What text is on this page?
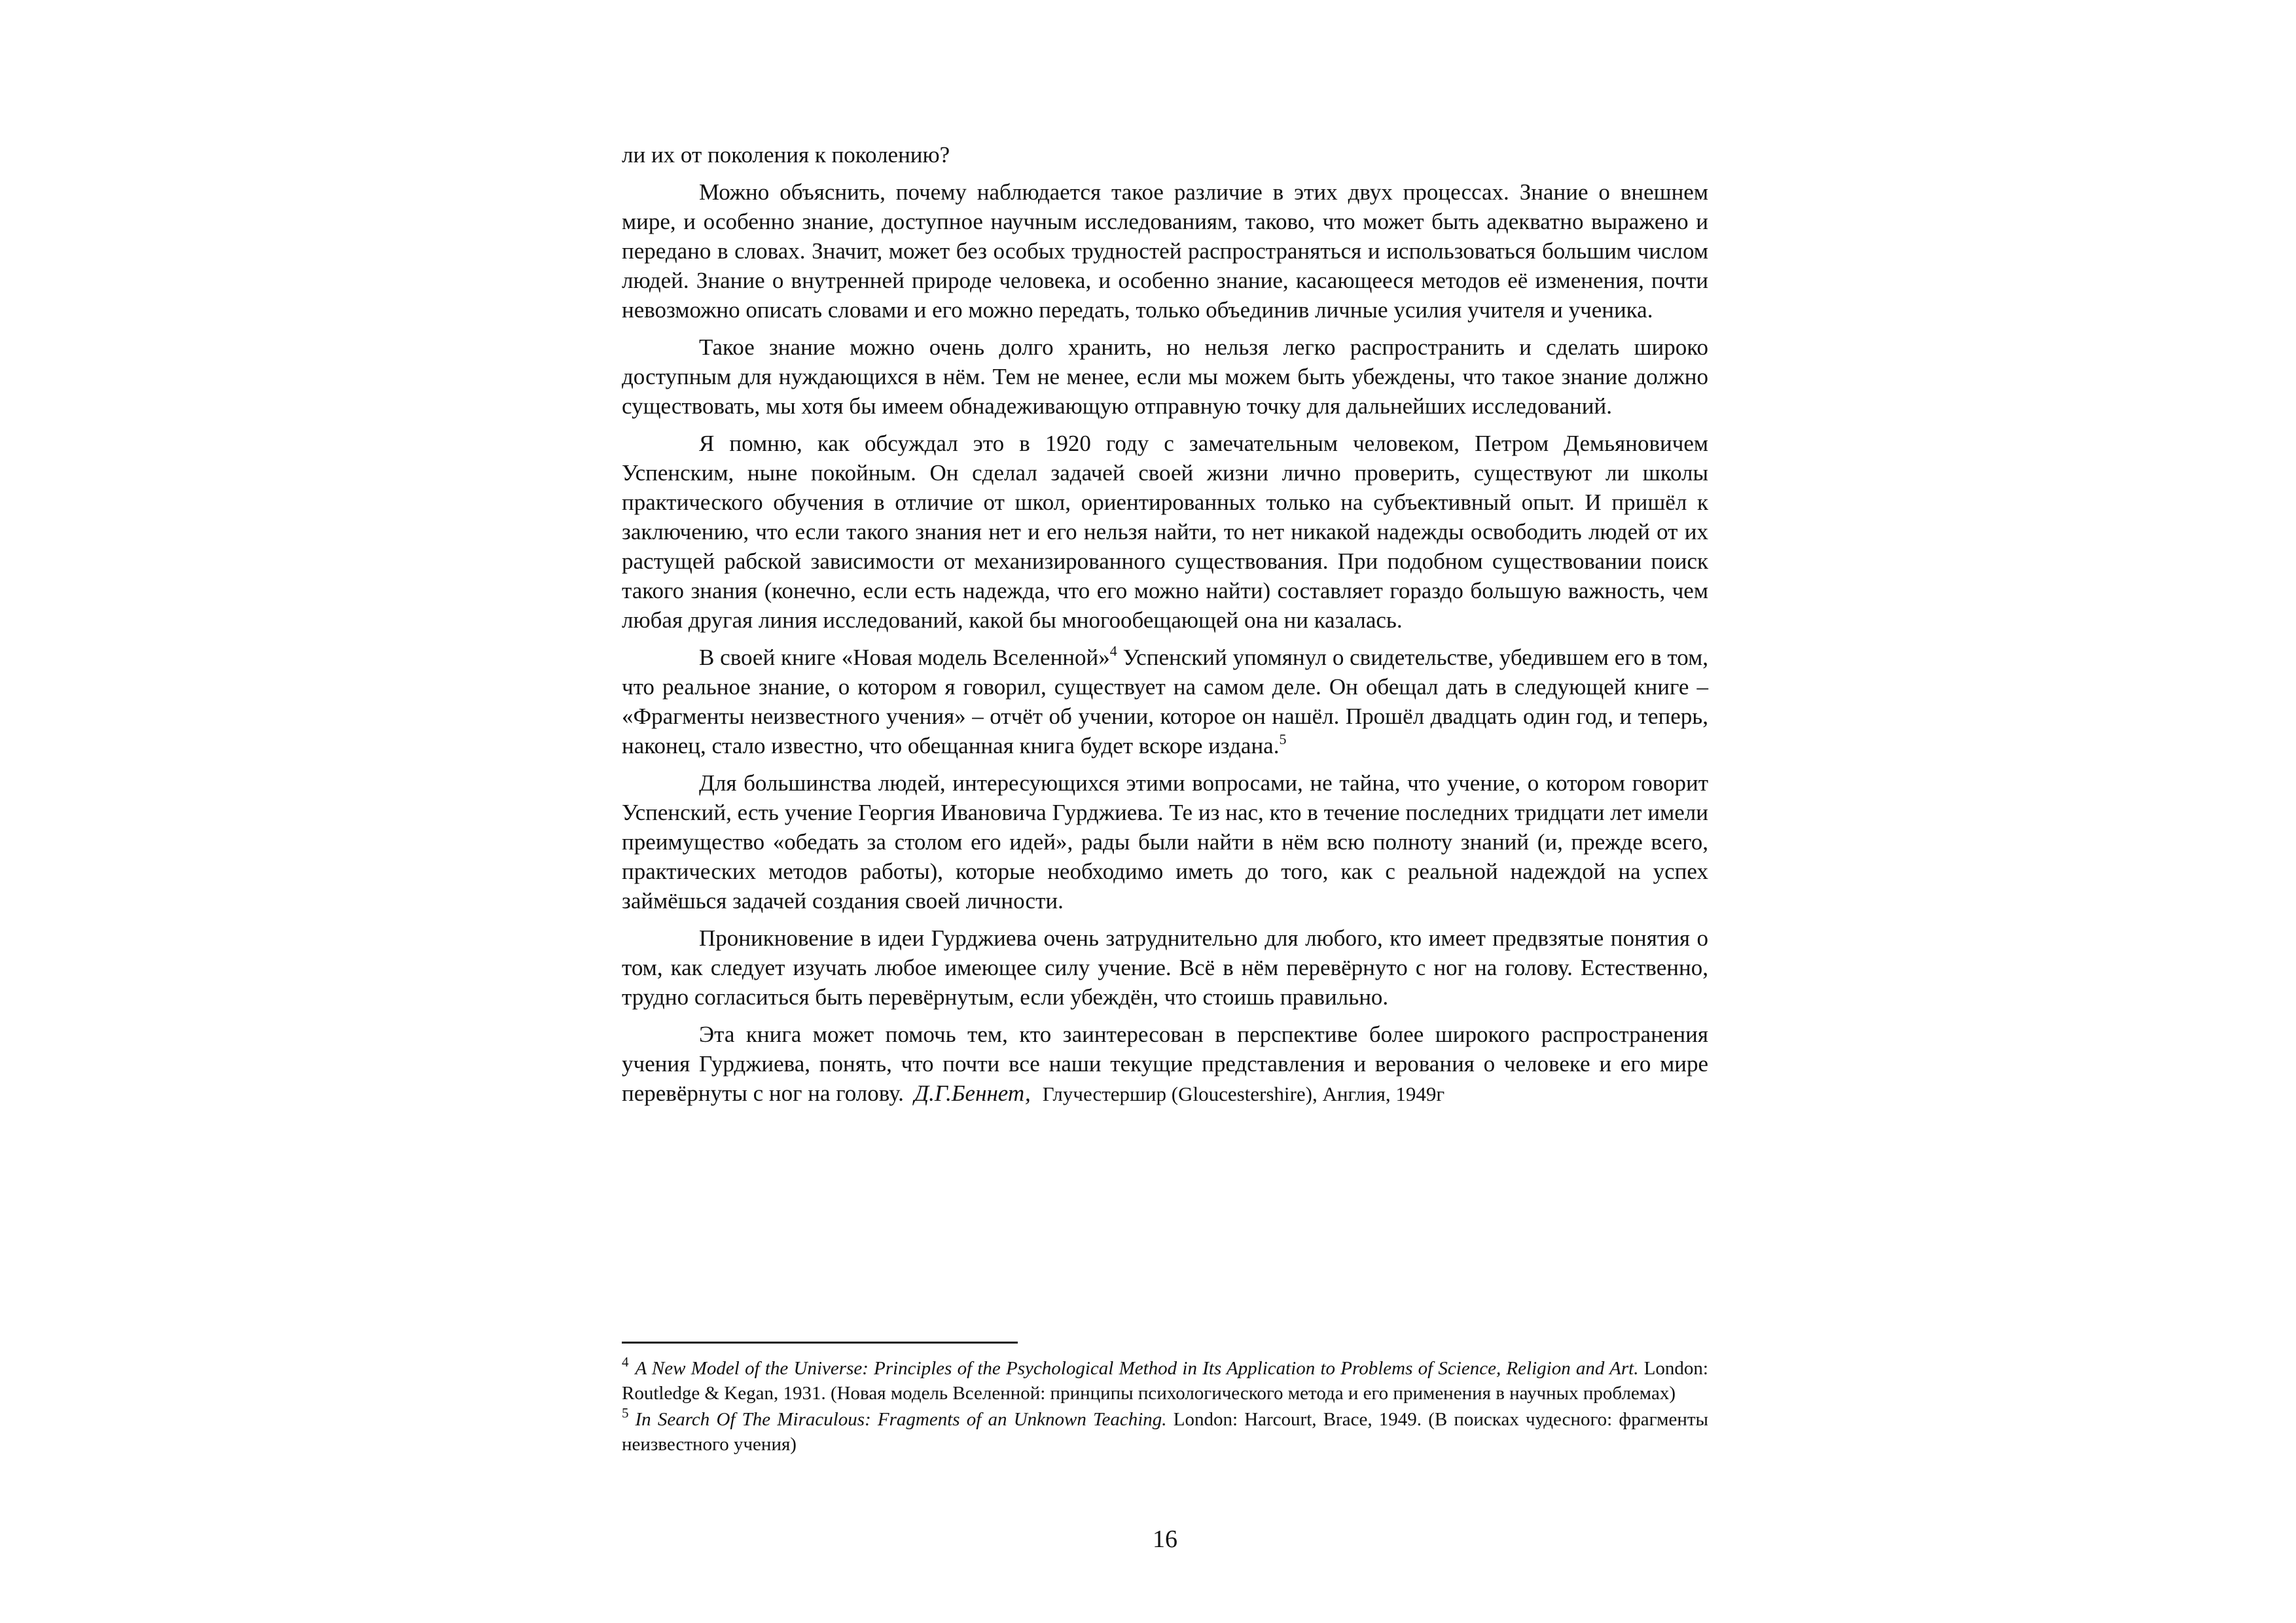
ли их от поколения к поколению?

Можно объяснить, почему наблюдается такое различие в этих двух процессах. Знание о внешнем мире, и особенно знание, доступное научным исследованиям, таково, что может быть адекватно выражено и передано в словах. Значит, может без особых трудностей распространяться и использоваться большим числом людей. Знание о внутренней природе человека, и особенно знание, касающееся методов её изменения, почти невозможно описать словами и его можно передать, только объединив личные усилия учителя и ученика.

Такое знание можно очень долго хранить, но нельзя легко распространить и сделать широко доступным для нуждающихся в нём. Тем не менее, если мы можем быть убеждены, что такое знание должно существовать, мы хотя бы имеем обнадеживающую отправную точку для дальнейших исследований.

Я помню, как обсуждал это в 1920 году с замечательным человеком, Петром Демьяновичем Успенским, ныне покойным. Он сделал задачей своей жизни лично проверить, существуют ли школы практического обучения в отличие от школ, ориентированных только на субъективный опыт. И пришёл к заключению, что если такого знания нет и его нельзя найти, то нет никакой надежды освободить людей от их растущей рабской зависимости от механизированного существования. При подобном существовании поиск такого знания (конечно, если есть надежда, что его можно найти) составляет гораздо большую важность, чем любая другая линия исследований, какой бы многообещающей она ни казалась.

В своей книге «Новая модель Вселенной»$^4$ Успенский упомянул о свидетельстве, убедившем его в том, что реальное знание, о котором я говорил, существует на самом деле. Он обещал дать в следующей книге – «Фрагменты неизвестного учения» – отчёт об учении, которое он нашёл. Прошёл двадцать один год, и теперь, наконец, стало известно, что обещанная книга будет вскоре издана.$^5$

Для большинства людей, интересующихся этими вопросами, не тайна, что учение, о котором говорит Успенский, есть учение Георгия Ивановича Гурджиева. Те из нас, кто в течение последних тридцати лет имели преимущество «обедать за столом его идей», рады были найти в нём всю полноту знаний (и, прежде всего, практических методов работы), которые необходимо иметь до того, как с реальной надеждой на успех займёшься задачей создания своей личности.

Проникновение в идеи Гурджиева очень затруднительно для любого, кто имеет предвзятые понятия о том, как следует изучать любое имеющее силу учение. Всё в нём перевёрнуто с ног на голову. Естественно, трудно согласиться быть перевёрнутым, если убеждён, что стоишь правильно.

Эта книга может помочь тем, кто заинтересован в перспективе более широкого распространения учения Гурджиева, понять, что почти все наши текущие представления и верования о человеке и его мире перевёрнуты с ног на голову. Д.Г.Беннет, Глучестершир (Gloucestershire), Англия, 1949г

$^4$ A New Model of the Universe: Principles of the Psychological Method in Its Application to Problems of Science, Religion and Art. London: Routledge & Kegan, 1931. (Новая модель Вселенной: принципы психологического метода и его применения в научных проблемах)

$^5$ In Search Of The Miraculous: Fragments of an Unknown Teaching. London: Harcourt, Brace, 1949. (В поисках чудесного: фрагменты неизвестного учения)

16
